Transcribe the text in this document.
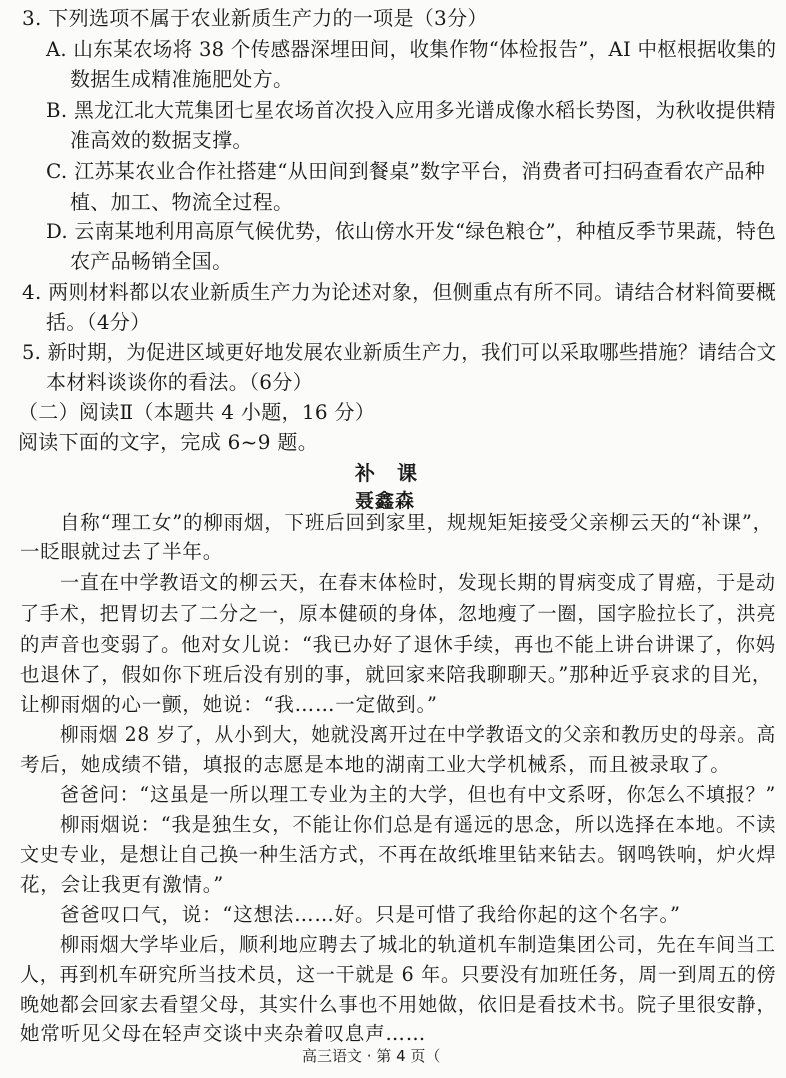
3. 下列选项不属于农业新质生产力的一项是（3分）
A. 山东某农场将 38 个传感器深埋田间，收集作物“体检报告”，AI 中枢根据收集的
数据生成精准施肥处方。
B. 黑龙江北大荒集团七星农场首次投入应用多光谱成像水稻长势图，为秋收提供精
准高效的数据支撑。
C. 江苏某农业合作社搭建“从田间到餐桌”数字平台，消费者可扫码查看农产品种
植、加工、物流全过程。
D. 云南某地利用高原气候优势，依山傍水开发“绿色粮仓”，种植反季节果蔬，特色
农产品畅销全国。
4. 两则材料都以农业新质生产力为论述对象，但侧重点有所不同。请结合材料简要概
括。（4分）
5. 新时期，为促进区域更好地发展农业新质生产力，我们可以采取哪些措施？请结合文
本材料谈谈你的看法。（6分）
（二）阅读Ⅱ（本题共 4 小题，16 分）
阅读下面的文字，完成 6~9 题。
补　课
聂鑫森
自称“理工女”的柳雨烟，下班后回到家里，规规矩矩接受父亲柳云天的“补课”，
一眨眼就过去了半年。
一直在中学教语文的柳云天，在春末体检时，发现长期的胃病变成了胃癌，于是动
了手术，把胃切去了二分之一，原本健硕的身体，忽地瘦了一圈，国字脸拉长了，洪亮
的声音也变弱了。他对女儿说：“我已办好了退休手续，再也不能上讲台讲课了，你妈
也退休了，假如你下班后没有别的事，就回家来陪我聊聊天。”那种近乎哀求的目光，
让柳雨烟的心一颤，她说：“我……一定做到。”
柳雨烟 28 岁了，从小到大，她就没离开过在中学教语文的父亲和教历史的母亲。高
考后，她成绩不错，填报的志愿是本地的湖南工业大学机械系，而且被录取了。
爸爸问：“这虽是一所以理工专业为主的大学，但也有中文系呀，你怎么不填报？”
柳雨烟说：“我是独生女，不能让你们总是有遥远的思念，所以选择在本地。不读
文史专业，是想让自己换一种生活方式，不再在故纸堆里钻来钻去。钢鸣铁响，炉火焊
花，会让我更有激情。”
爸爸叹口气，说：“这想法……好。只是可惜了我给你起的这个名字。”
柳雨烟大学毕业后，顺利地应聘去了城北的轨道机车制造集团公司，先在车间当工
人，再到机车研究所当技术员，这一干就是 6 年。只要没有加班任务，周一到周五的傍
晚她都会回家去看望父母，其实什么事也不用她做，依旧是看技术书。院子里很安静，
她常听见父母在轻声交谈中夹杂着叹息声……
高三语文 · 第 4 页（
